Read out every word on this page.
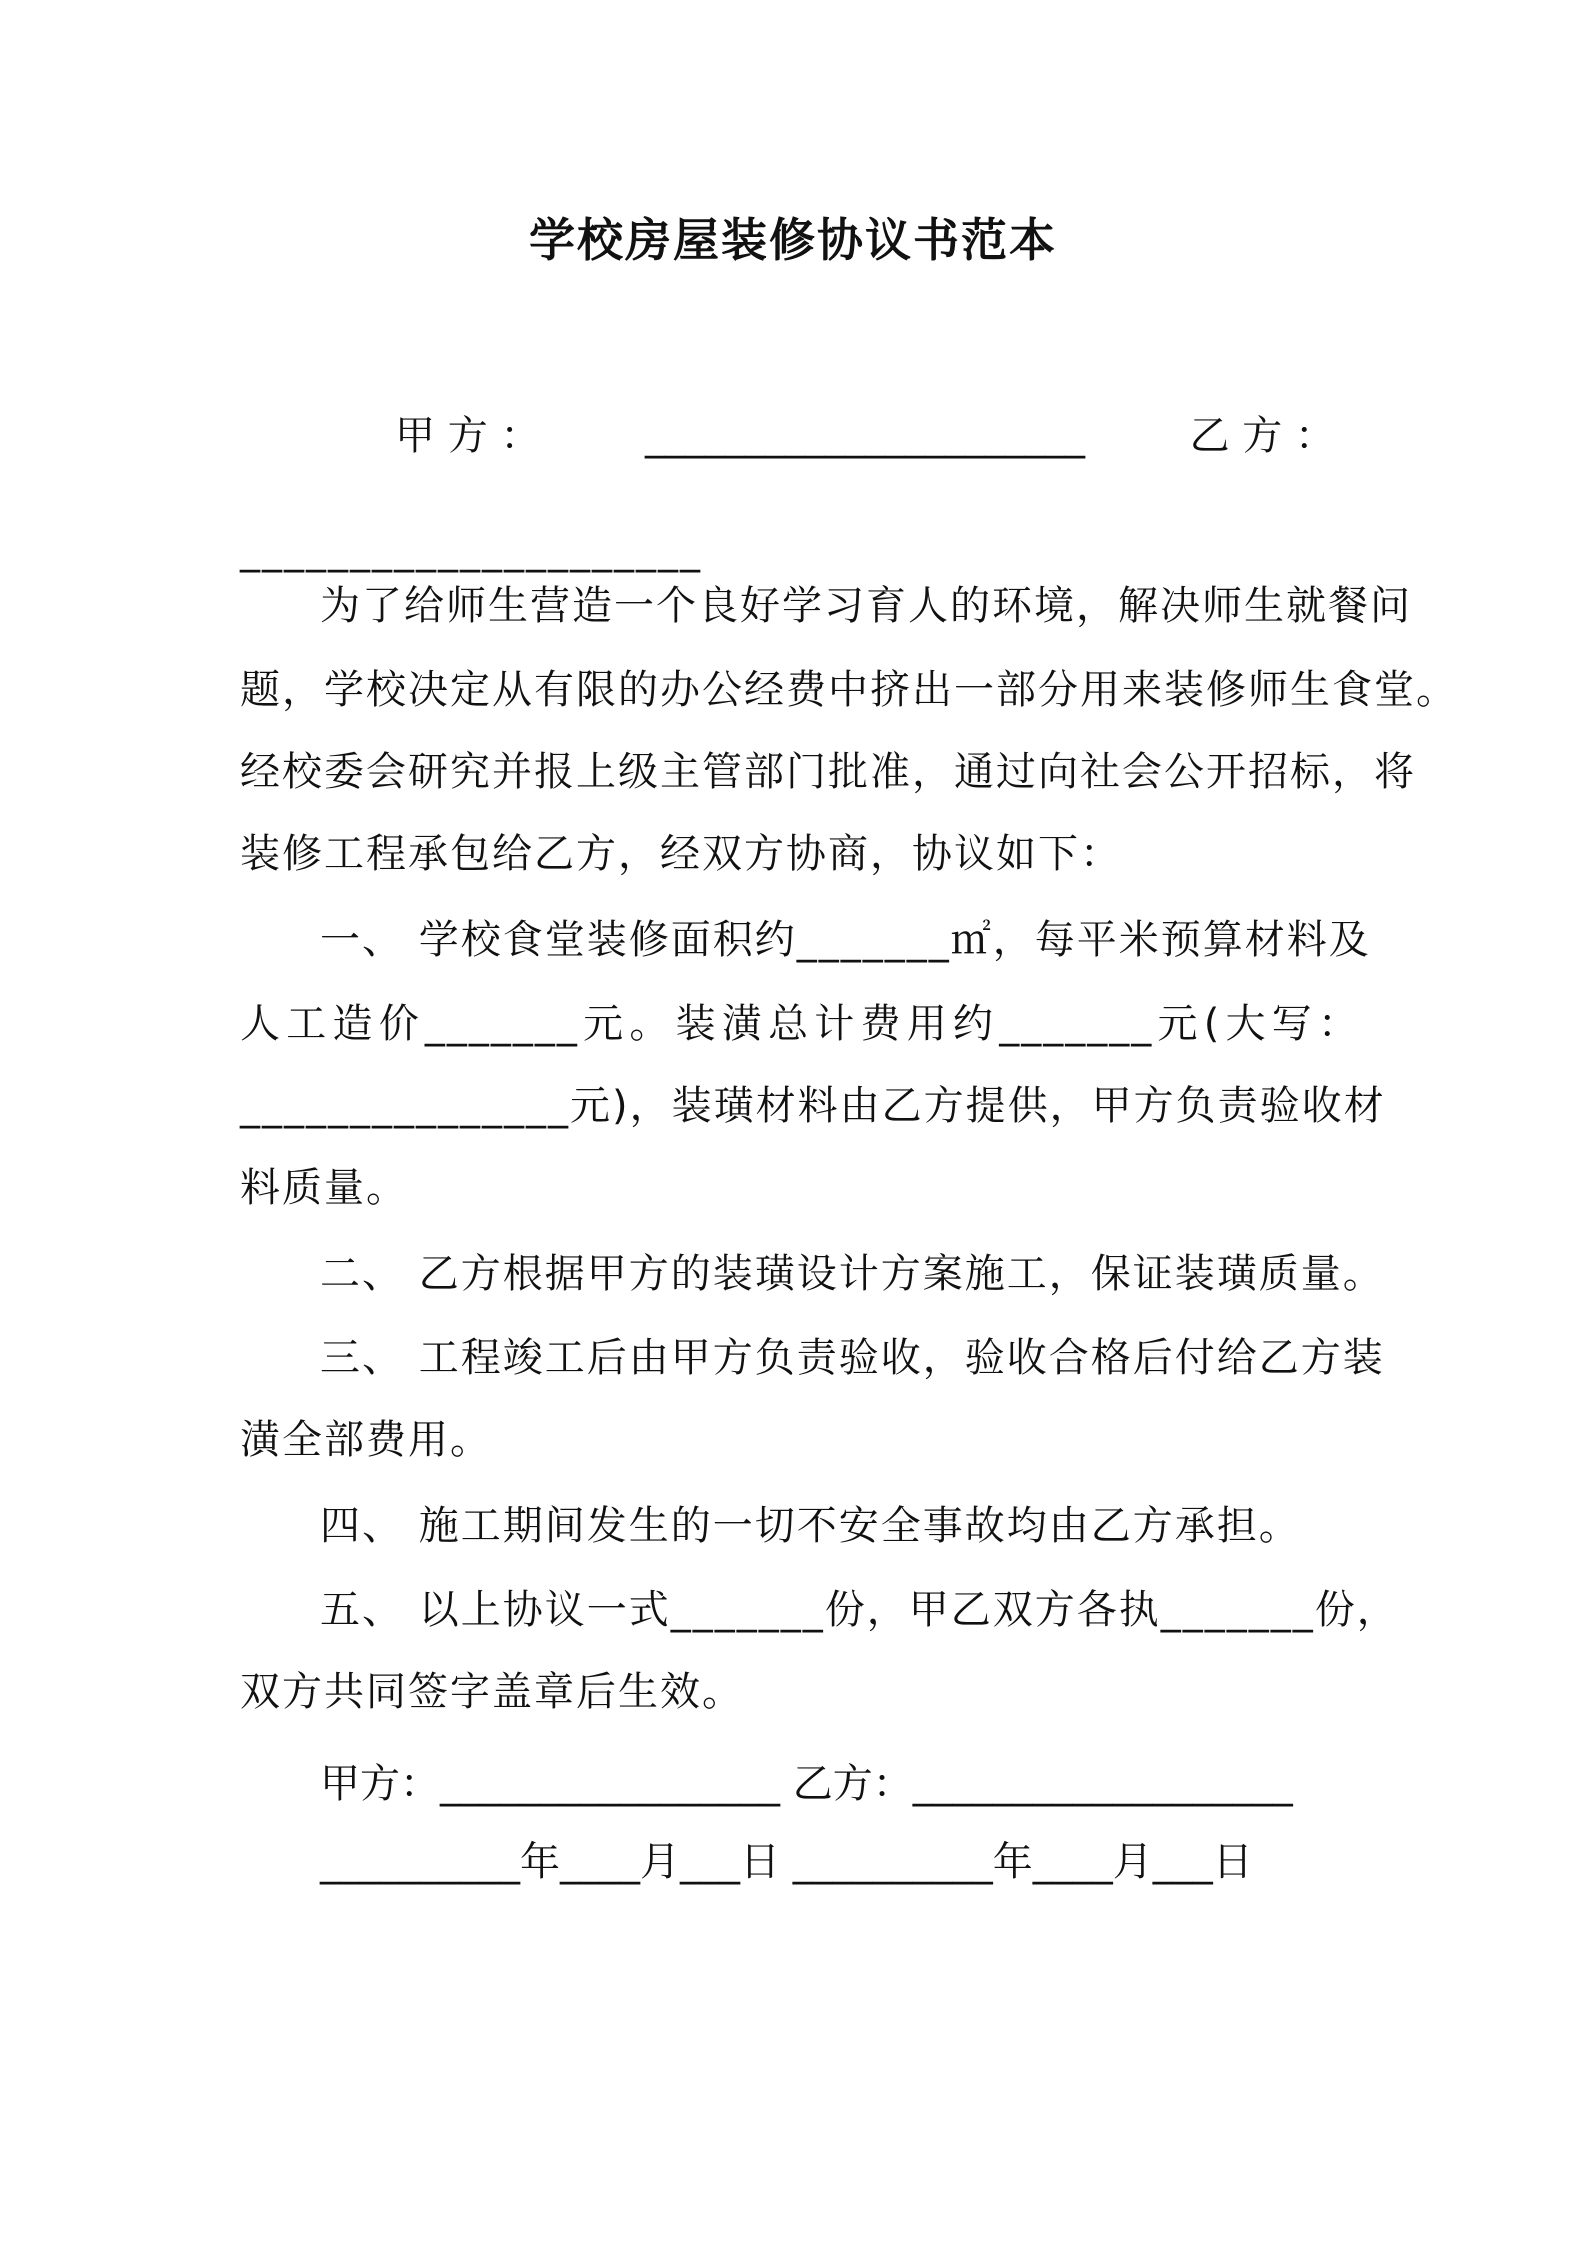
学校房屋装修协议书范本
甲 方 ：	______________________	乙 方 ：
_____________________
为了给师生营造一个良好学习育人的环境，解决师生就餐问
题，学校决定从有限的办公经费中挤出一部分用来装修师生食堂。
经校委会研究并报上级主管部门批准，通过向社会公开招标，将
装修工程承包给乙方，经双方协商，协议如下：
一、 学校食堂装修面积约_______㎡，每平米预算材料及
人工造价_______元。装潢总计费用约_______元(大写：
_______________元)，装璜材料由乙方提供，甲方负责验收材
料质量。
二、 乙方根据甲方的装璜设计方案施工，保证装璜质量。
三、 工程竣工后由甲方负责验收，验收合格后付给乙方装
潢全部费用。
四、 施工期间发生的一切不安全事故均由乙方承担。
五、 以上协议一式_______份，甲乙双方各执_______份，
双方共同签字盖章后生效。
甲方：_________________ 乙方：___________________
__________年____月___日 __________年____月___日
